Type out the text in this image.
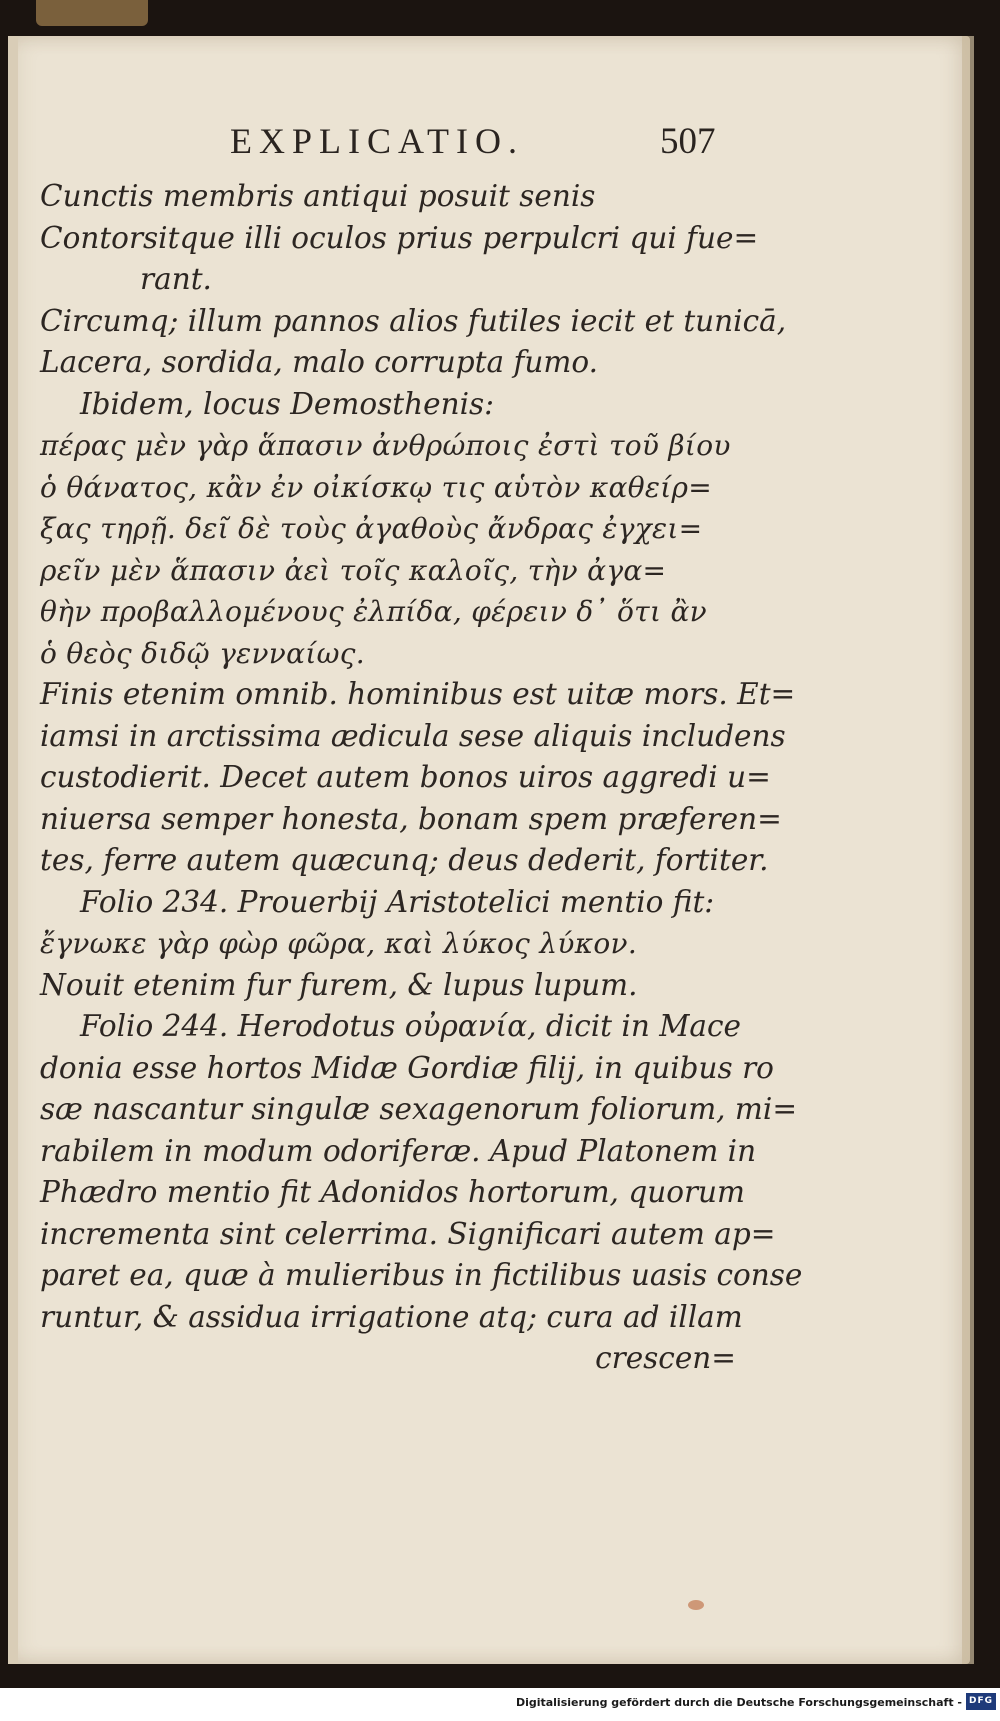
EXPLICATIO.	507
Cunctis membris antiqui posuit senis
Contorsitque illi oculos prius perpulcri qui fue=
rant.
Circumq; illum pannos alios futiles iecit et tunicā,
Lacera, sordida, malo corrupta fumo.
Ibidem, locus Demosthenis:
πέρας μὲν γὰρ ἅπασιν ἀνθρώποις ἐστὶ τοῦ βίου
ὁ θάνατος, κἂν ἐν οἰκίσκῳ τις αὑτὸν καθείρ=
ξας τηρῇ. δεῖ δὲ τοὺς ἀγαθοὺς ἄνδρας ἐγχει=
ρεῖν μὲν ἅπασιν ἀεὶ τοῖς καλοῖς, τὴν ἀγα=
θὴν προβαλλομένους ἐλπίδα, φέρειν δ᾽ ὅτι ἂν
ὁ θεὸς διδῷ γενναίως.
Finis etenim omnib. hominibus est uitæ mors. Et=
iamsi in arctissima ædicula sese aliquis includens
custodierit. Decet autem bonos uiros aggredi u=
niuersa semper honesta, bonam spem præferen=
tes, ferre autem quæcunq; deus dederit, fortiter.
Folio 234. Prouerbij Aristotelici mentio fit:
ἔγνωκε γὰρ φὼρ φῶρα, καὶ λύκος λύκον.
Nouit etenim fur furem, & lupus lupum.
Folio 244. Herodotus οὐρανία, dicit in Mace
donia esse hortos Midæ Gordiæ filij, in quibus ro
sæ nascantur singulæ sexagenorum foliorum, mi=
rabilem in modum odoriferæ. Apud Platonem in
Phædro mentio fit Adonidos hortorum, quorum
incrementa sint celerrima. Significari autem ap=
paret ea, quæ à mulieribus in fictilibus uasis conse
runtur, & assidua irrigatione atq; cura ad illam
crescen=
Digitalisierung gefördert durch die Deutsche Forschungsgemeinschaft - DFG
